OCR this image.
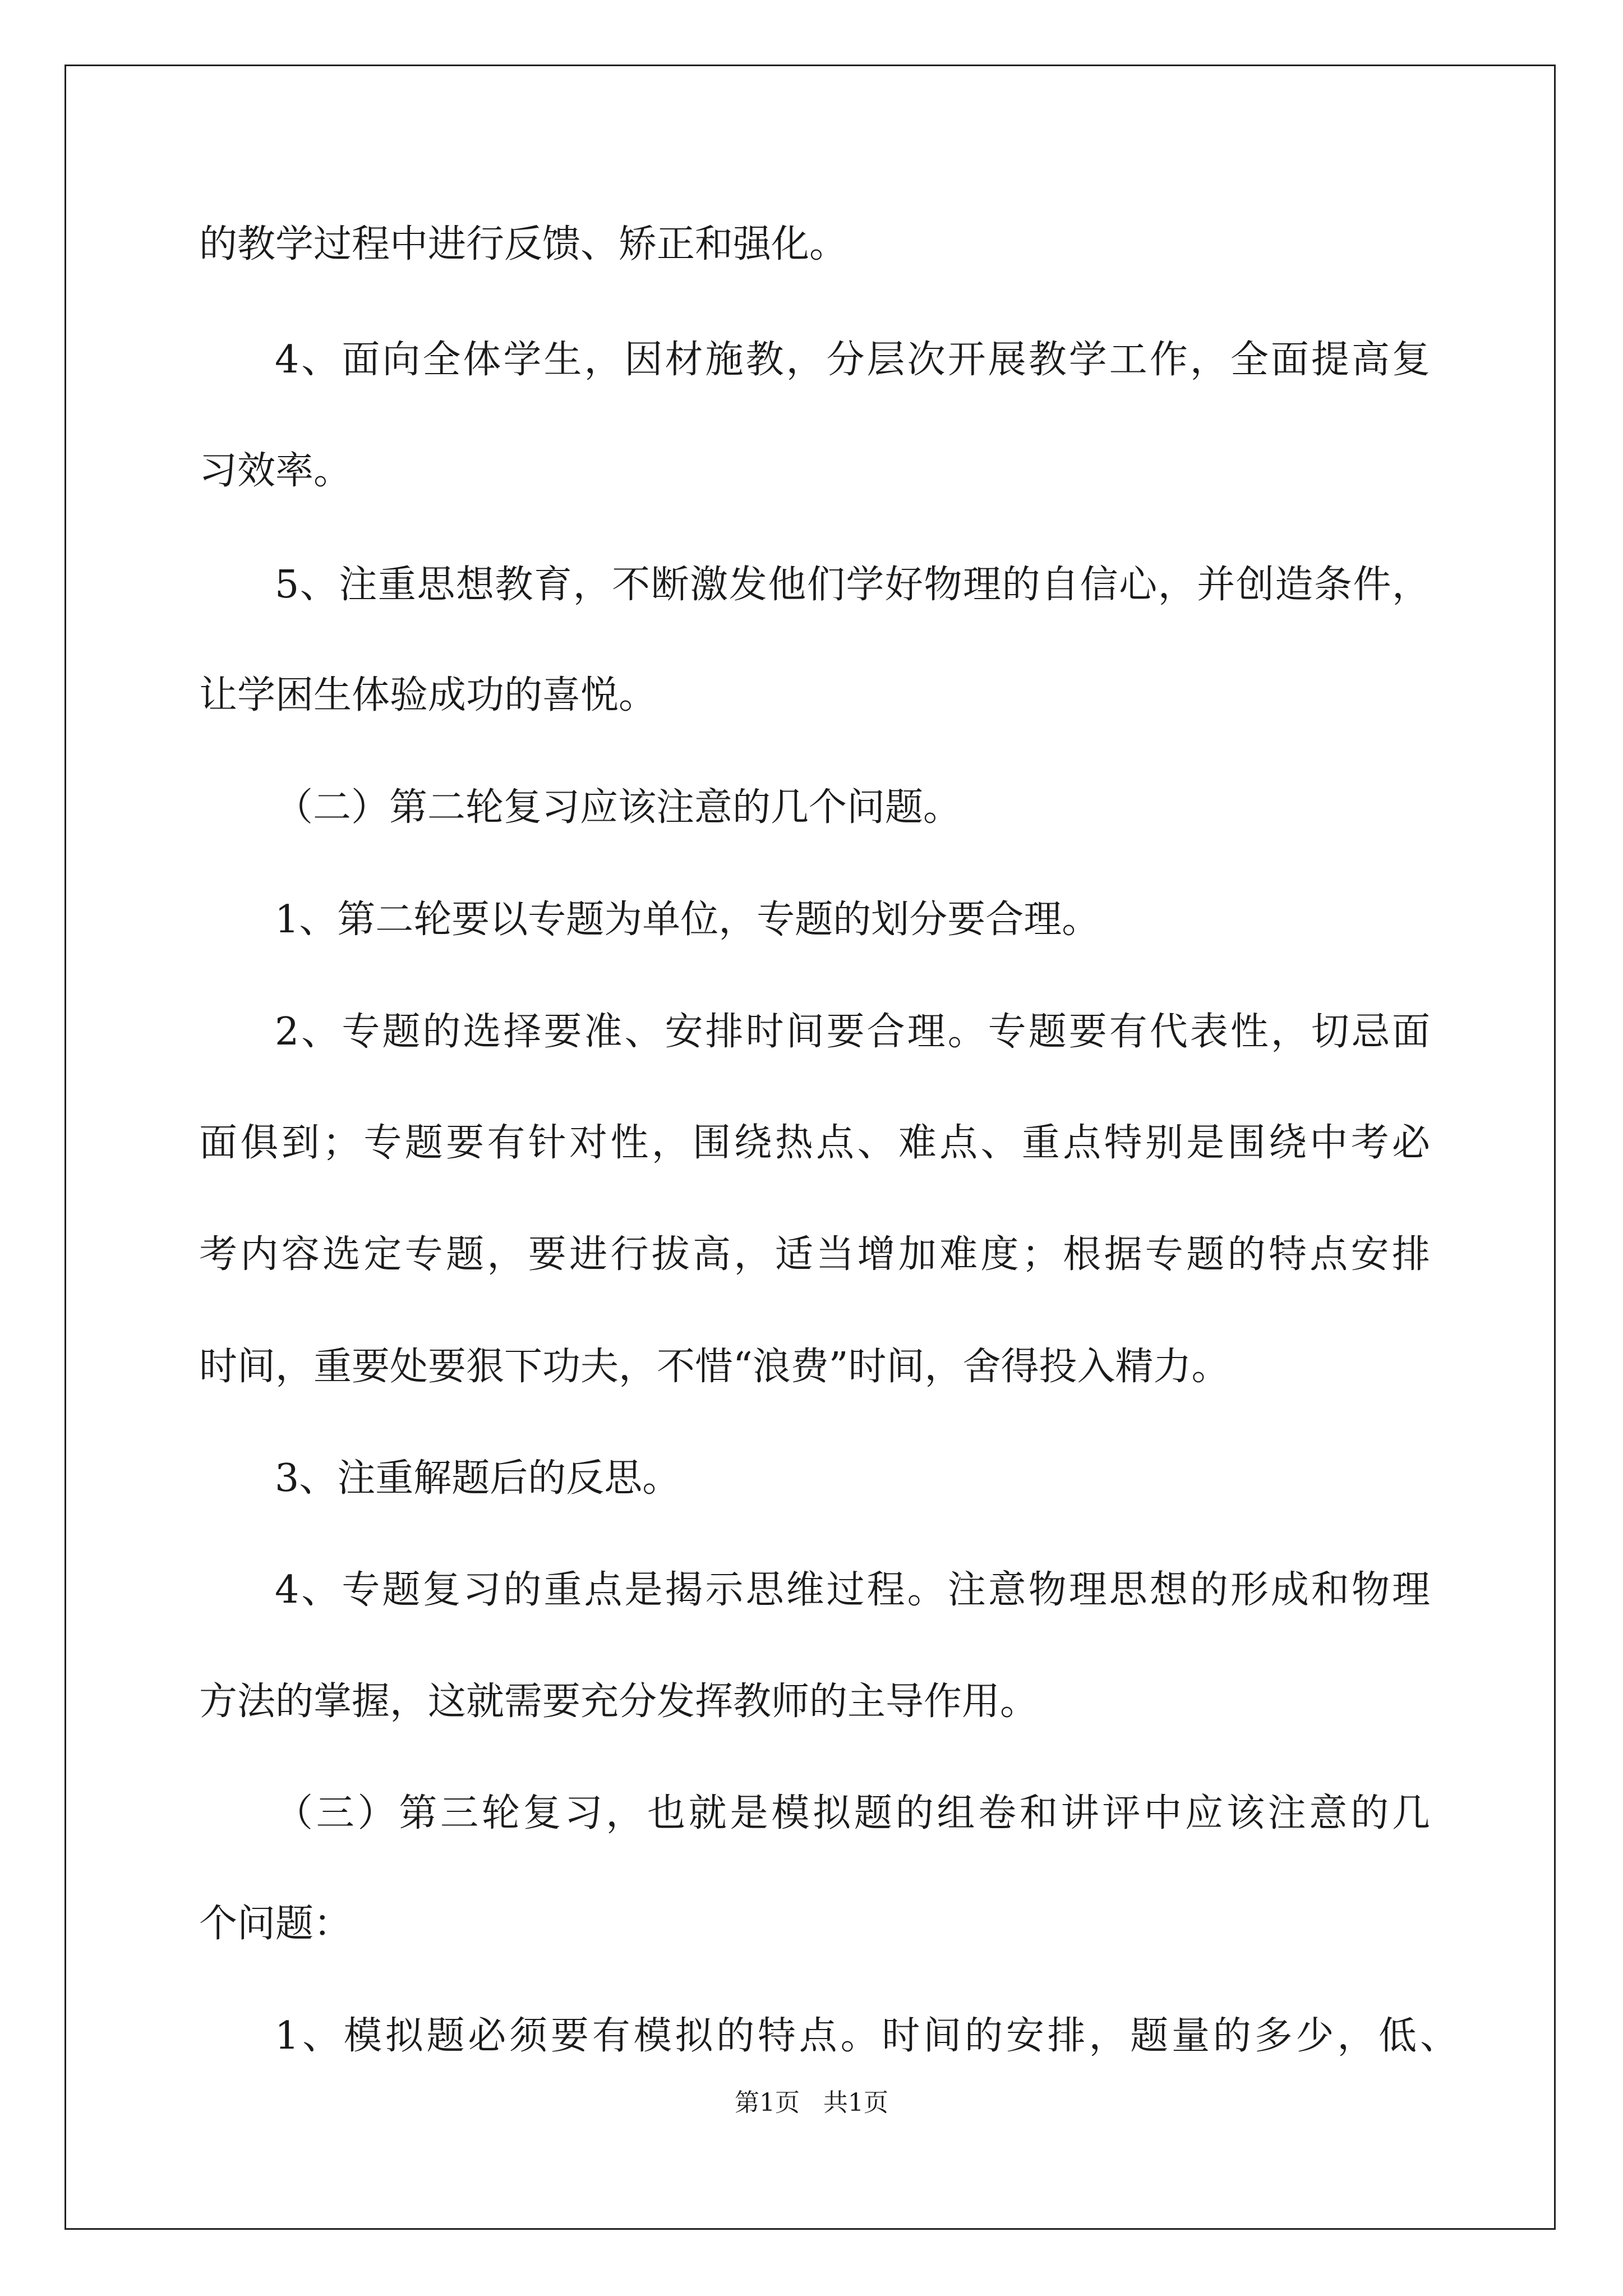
的教学过程中进行反馈、矫正和强化。
4、面向全体学生，因材施教，分层次开展教学工作，全面提高复
习效率。
5、注重思想教育，不断激发他们学好物理的自信心，并创造条件，
让学困生体验成功的喜悦。
（二）第二轮复习应该注意的几个问题。
1、第二轮要以专题为单位，专题的划分要合理。
2、专题的选择要准、安排时间要合理。专题要有代表性，切忌面
面俱到；专题要有针对性，围绕热点、难点、重点特别是围绕中考必
考内容选定专题，要进行拔高，适当增加难度；根据专题的特点安排
时间，重要处要狠下功夫，不惜“浪费”时间，舍得投入精力。
3、注重解题后的反思。
4、专题复习的重点是揭示思维过程。注意物理思想的形成和物理
方法的掌握，这就需要充分发挥教师的主导作用。
（三）第三轮复习，也就是模拟题的组卷和讲评中应该注意的几
个问题：
1、模拟题必须要有模拟的特点。时间的安排，题量的多少，低、
第1页   共1页
